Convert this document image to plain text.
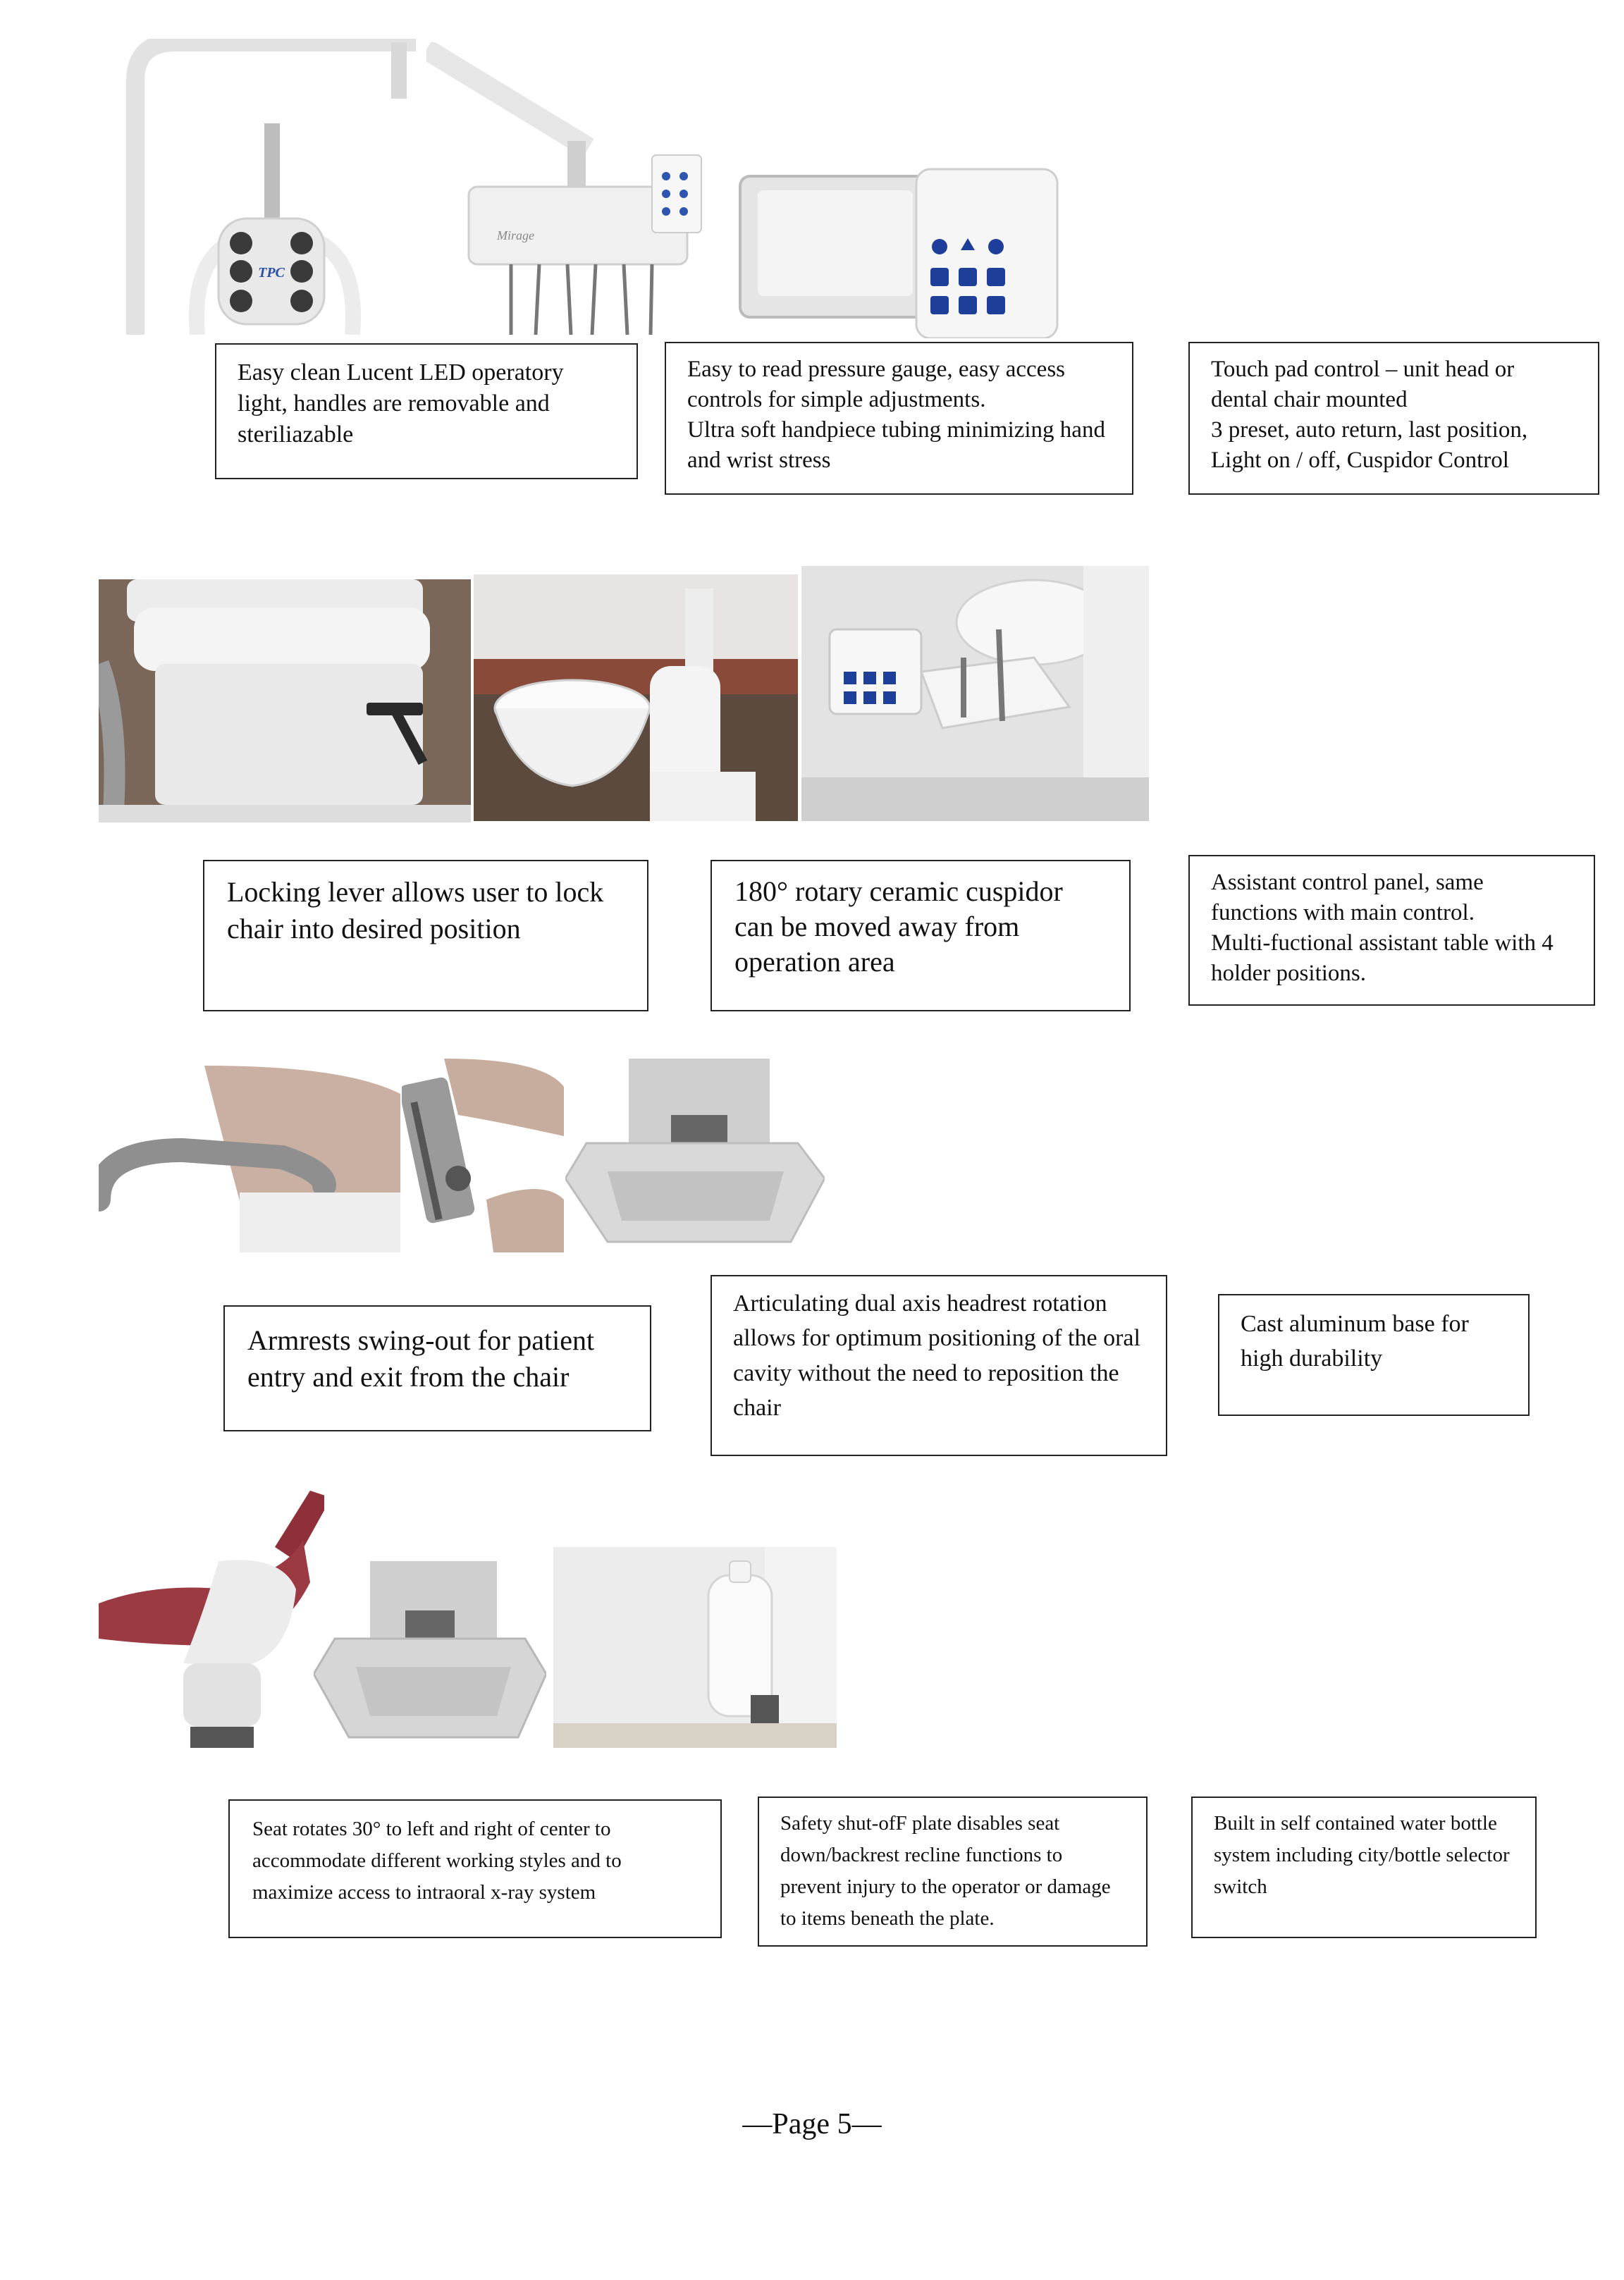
TPC
Mirage
Easy clean Lucent LED operatory light, handles are removable and steriliazable
Easy to read pressure gauge, easy access controls for simple adjustments.
Ultra soft handpiece tubing minimizing hand and wrist stress
Touch pad control – unit head or dental chair mounted
3 preset, auto return, last position, Light on / off, Cuspidor Control
Locking lever allows user to lock chair into desired position
180° rotary ceramic cuspidor can be moved away from operation area
Assistant control panel, same functions with main control.
Multi-fuctional assistant table with 4 holder positions.
Armrests swing-out for patient entry and exit from the chair
Articulating dual axis headrest rotation allows for optimum positioning of the oral cavity without the need to reposition the chair
Cast aluminum base for high durability
Seat rotates 30° to left and right of center to accommodate different working styles and to maximize access to intraoral x-ray system
Safety shut-ofF plate disables seat down/backrest recline functions to prevent injury to the operator or damage to items beneath the plate.
Built in self contained water bottle system including city/bottle selector switch
—Page 5—
